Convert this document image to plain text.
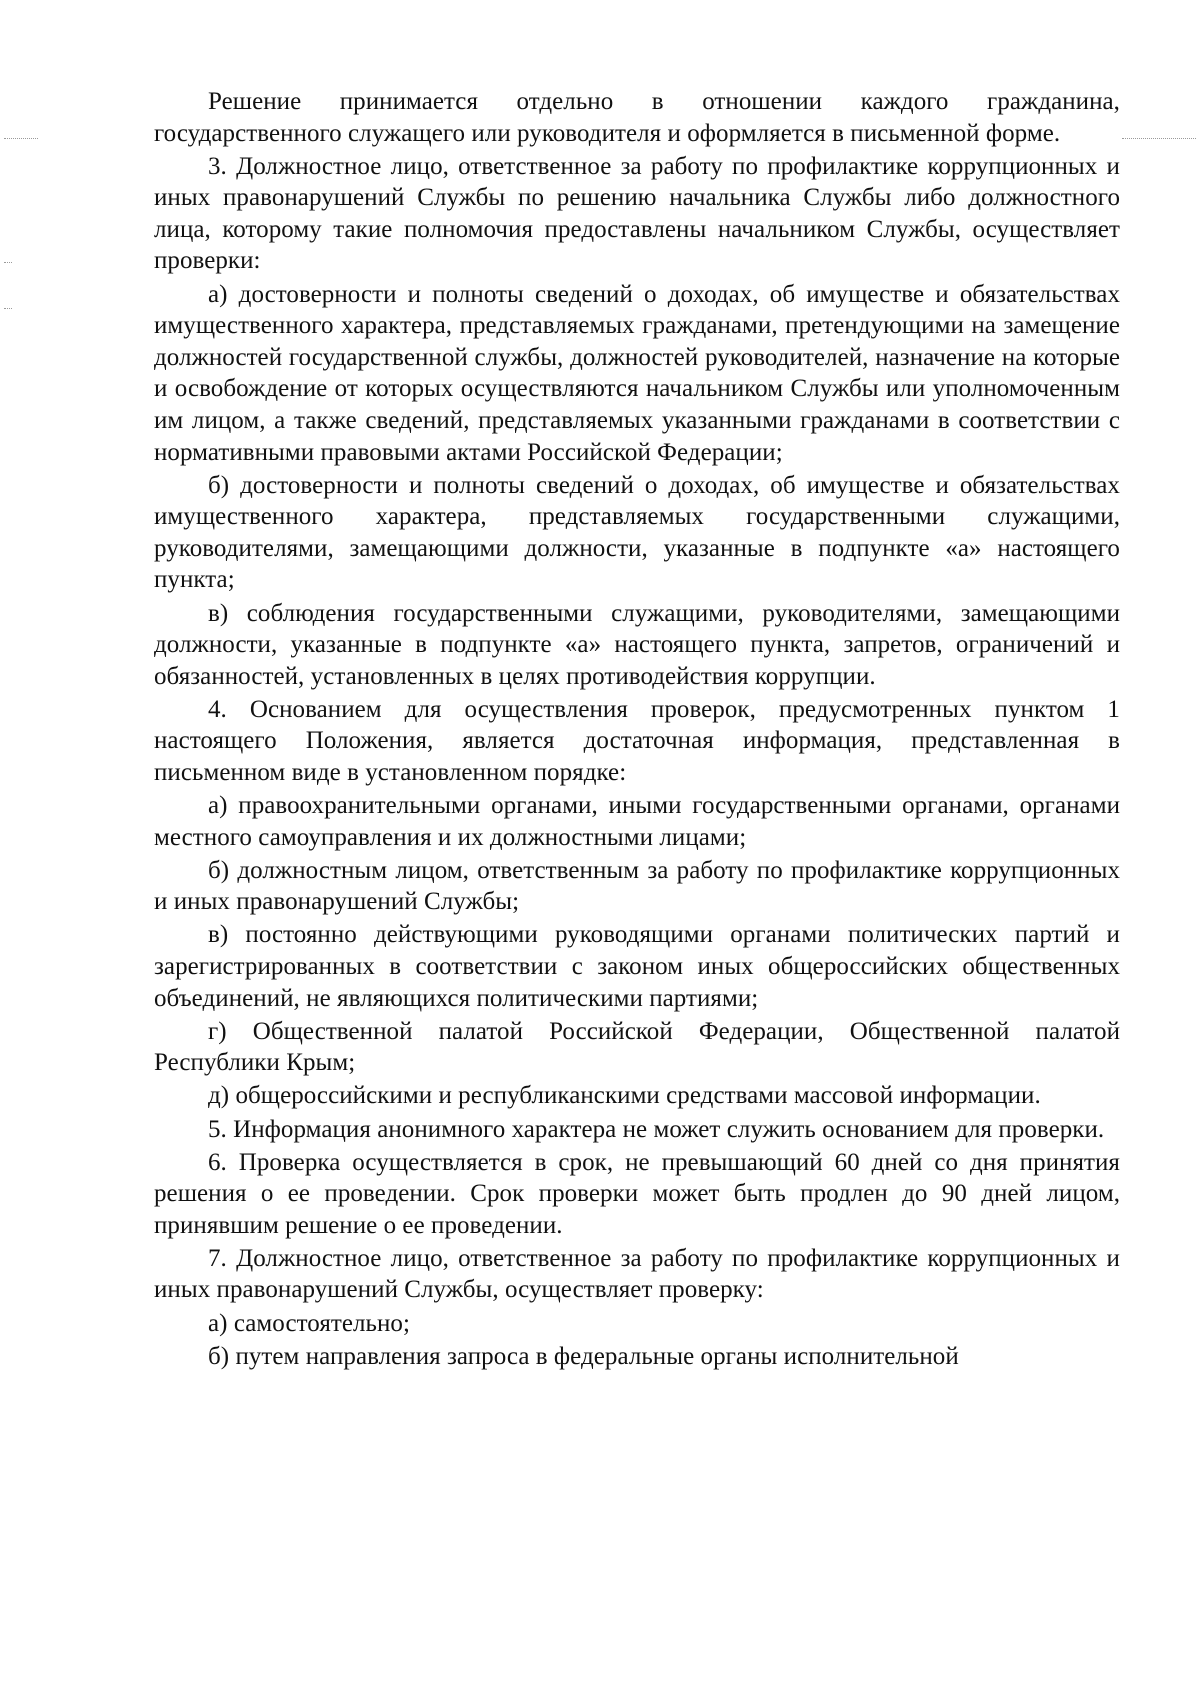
Решение принимается отдельно в отношении каждого гражданина, государственного служащего или руководителя и оформляется в письменной форме.

3. Должностное лицо, ответственное за работу по профилактике коррупционных и иных правонарушений Службы по решению начальника Службы либо должностного лица, которому такие полномочия предоставлены начальником Службы, осуществляет проверки:

а) достоверности и полноты сведений о доходах, об имуществе и обязательствах имущественного характера, представляемых гражданами, претендующими на замещение должностей государственной службы, должностей руководителей, назначение на которые и освобождение от которых осуществляются начальником Службы или уполномоченным им лицом, а также сведений, представляемых указанными гражданами в соответствии с нормативными правовыми актами Российской Федерации;

б) достоверности и полноты сведений о доходах, об имуществе и обязательствах имущественного характера, представляемых государственными служащими, руководителями, замещающими должности, указанные в подпункте «а» настоящего пункта;

в) соблюдения государственными служащими, руководителями, замещающими должности, указанные в подпункте «а» настоящего пункта, запретов, ограничений и обязанностей, установленных в целях противодействия коррупции.

4. Основанием для осуществления проверок, предусмотренных пунктом 1 настоящего Положения, является достаточная информация, представленная в письменном виде в установленном порядке:

а) правоохранительными органами, иными государственными органами, органами местного самоуправления и их должностными лицами;

б) должностным лицом, ответственным за работу по профилактике коррупционных и иных правонарушений Службы;

в) постоянно действующими руководящими органами политических партий и зарегистрированных в соответствии с законом иных общероссийских общественных объединений, не являющихся политическими партиями;

г) Общественной палатой Российской Федерации, Общественной палатой Республики Крым;

д) общероссийскими и республиканскими средствами массовой информации.

5. Информация анонимного характера не может служить основанием для проверки.

6. Проверка осуществляется в срок, не превышающий 60 дней со дня принятия решения о ее проведении. Срок проверки может быть продлен до 90 дней лицом, принявшим решение о ее проведении.

7. Должностное лицо, ответственное за работу по профилактике коррупционных и иных правонарушений Службы, осуществляет проверку:

а) самостоятельно;

б) путем направления запроса в федеральные органы исполнительной
